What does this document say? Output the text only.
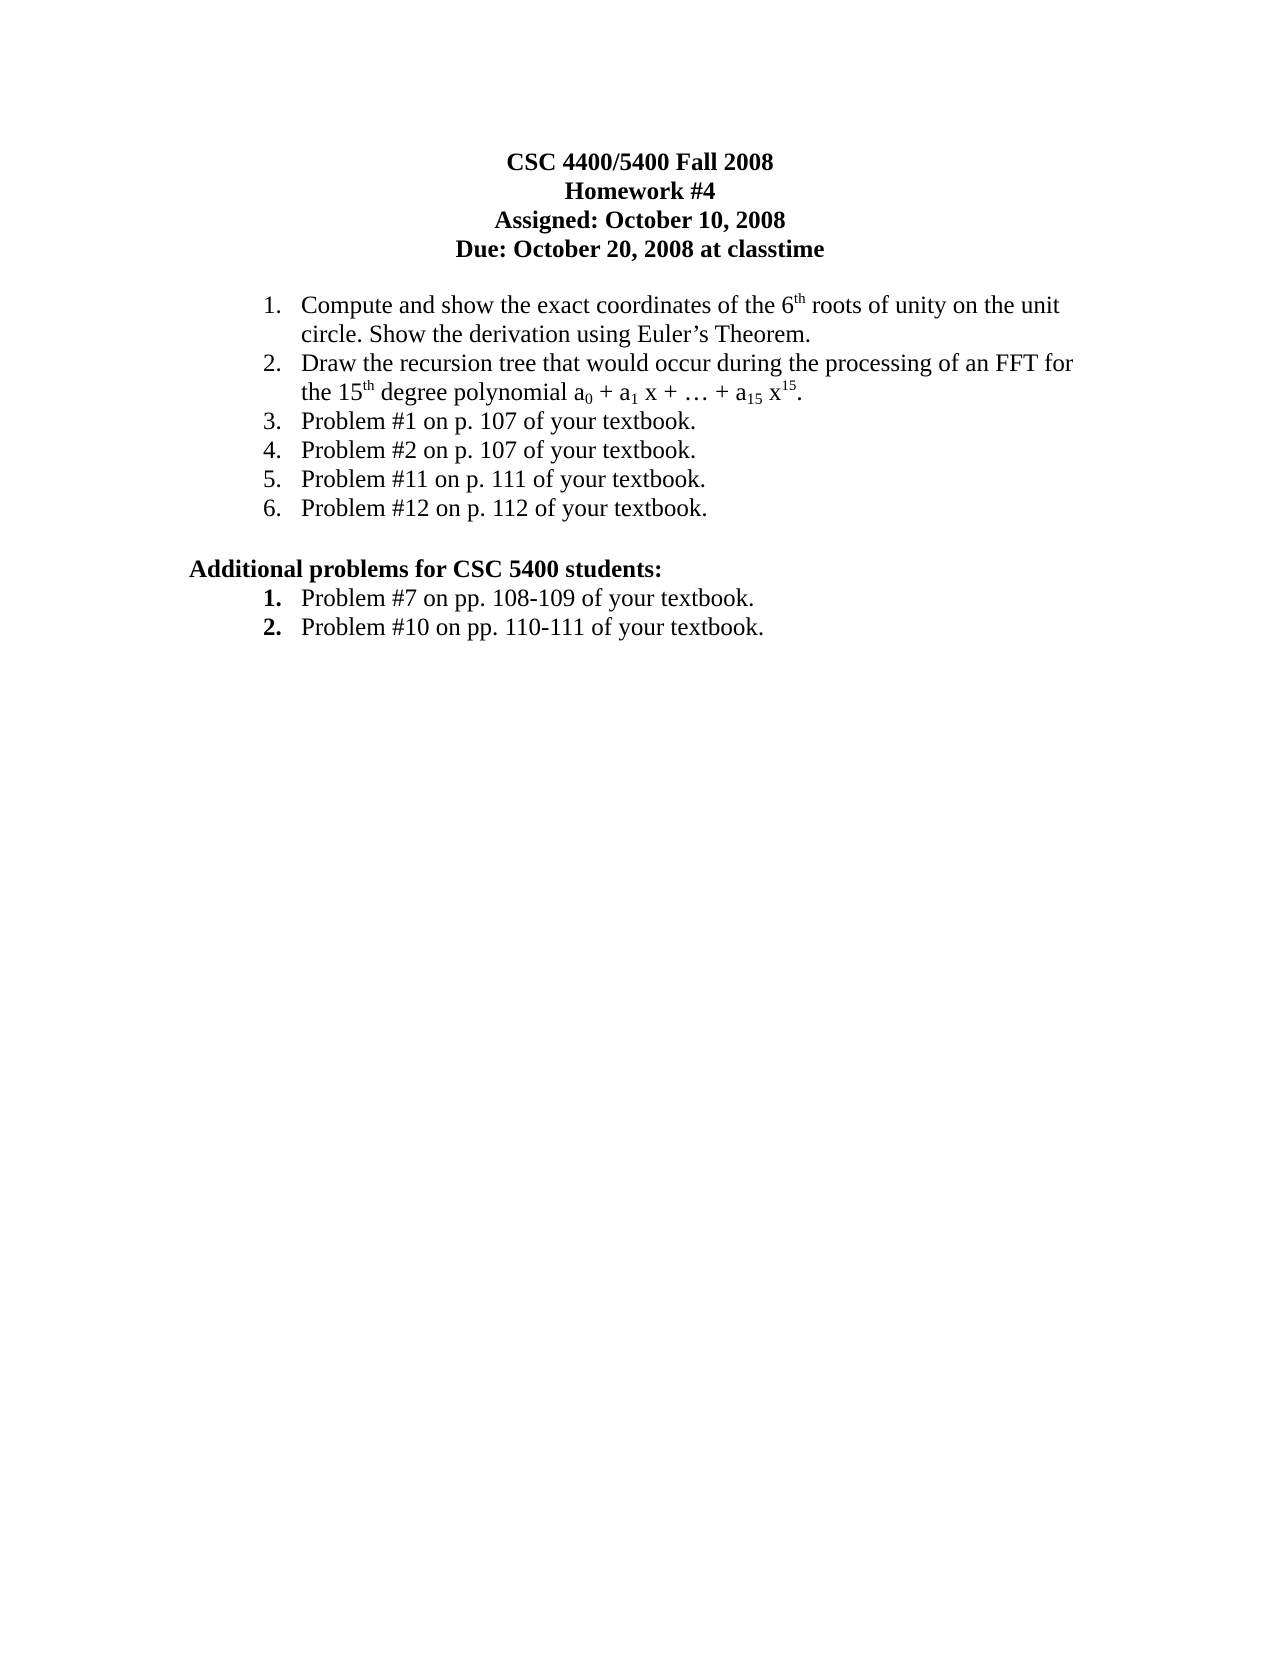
CSC 4400/5400 Fall 2008
Homework #4
Assigned: October 10, 2008
Due: October 20, 2008 at classtime
1. Compute and show the exact coordinates of the 6th roots of unity on the unit circle. Show the derivation using Euler’s Theorem.
2. Draw the recursion tree that would occur during the processing of an FFT for the 15th degree polynomial $a_0 + a_1$ x + … + $a_{15}$ $x^{15}$.
3. Problem #1 on p. 107 of your textbook.
4. Problem #2 on p. 107 of your textbook.
5. Problem #11 on p. 111 of your textbook.
6. Problem #12 on p. 112 of your textbook.
Additional problems for CSC 5400 students:
1. Problem #7 on pp. 108-109 of your textbook.
2. Problem #10 on pp. 110-111 of your textbook.
